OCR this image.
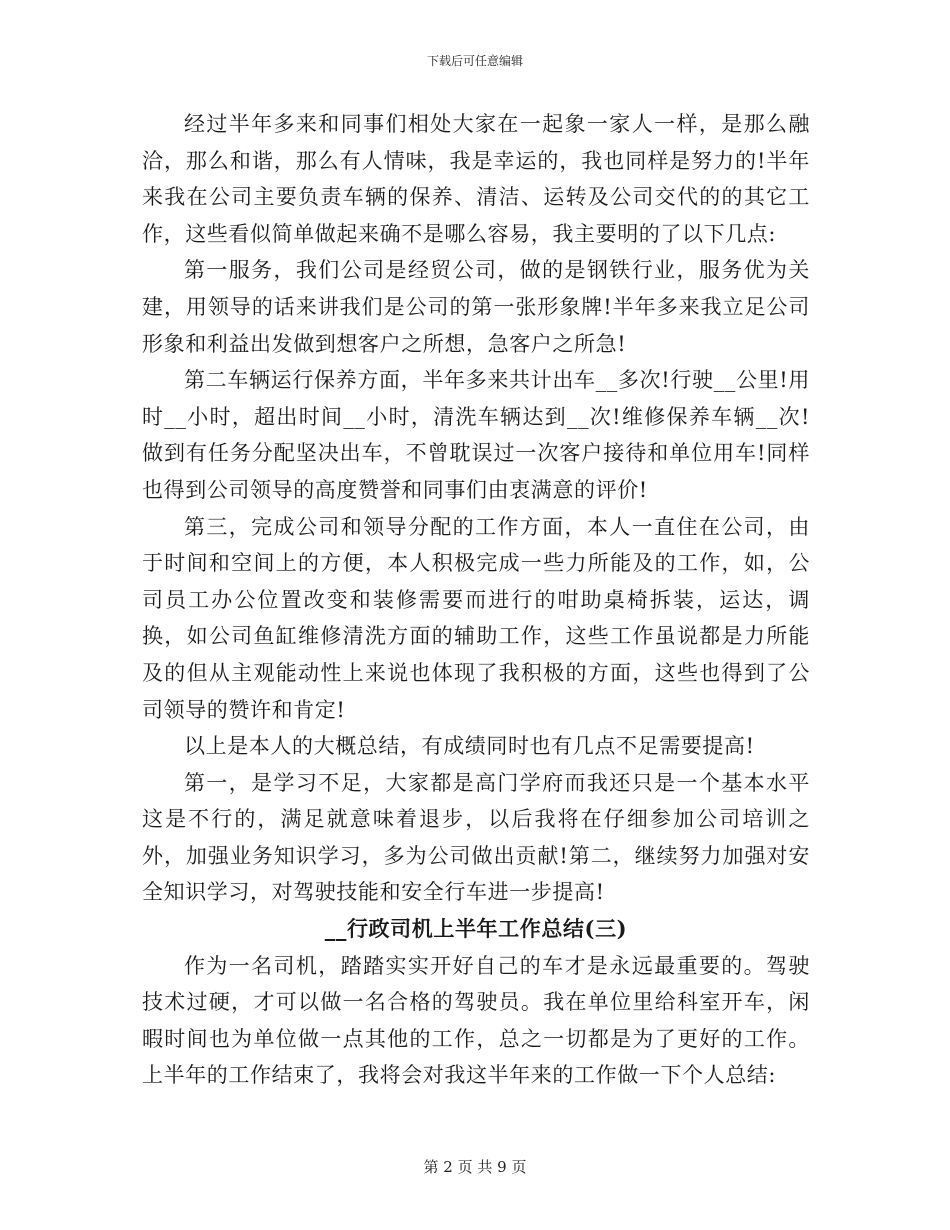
下载后可任意编辑

经过半年多来和同事们相处大家在一起象一家人一样，是那么融洽，那么和谐，那么有人情味，我是幸运的，我也同样是努力的!半年来我在公司主要负责车辆的保养、清洁、运转及公司交代的的其它工作，这些看似简单做起来确不是哪么容易，我主要明的了以下几点:

第一服务，我们公司是经贸公司，做的是钢铁行业，服务优为关建，用领导的话来讲我们是公司的第一张形象牌!半年多来我立足公司形象和利益出发做到想客户之所想，急客户之所急!

第二车辆运行保养方面，半年多来共计出车__多次!行驶__公里!用时__小时，超出时间__小时，清洗车辆达到__次!维修保养车辆__次!做到有任务分配坚决出车，不曾耽误过一次客户接待和单位用车!同样也得到公司领导的高度赞誉和同事们由衷满意的评价!

第三，完成公司和领导分配的工作方面，本人一直住在公司，由于时间和空间上的方便，本人积极完成一些力所能及的工作，如，公司员工办公位置改变和装修需要而进行的咁助桌椅拆装，运达，调换，如公司鱼缸维修清洗方面的辅助工作，这些工作虽说都是力所能及的但从主观能动性上来说也体现了我积极的方面，这些也得到了公司领导的赞许和肯定!

以上是本人的大概总结，有成绩同时也有几点不足需要提高!

第一，是学习不足，大家都是高门学府而我还只是一个基本水平这是不行的，满足就意味着退步，以后我将在仔细参加公司培训之外，加强业务知识学习，多为公司做出贡献!第二，继续努力加强对安全知识学习，对驾驶技能和安全行车进一步提高!

__行政司机上半年工作总结(三)

作为一名司机，踏踏实实开好自己的车才是永远最重要的。驾驶技术过硬，才可以做一名合格的驾驶员。我在单位里给科室开车，闲暇时间也为单位做一点其他的工作，总之一切都是为了更好的工作。上半年的工作结束了，我将会对我这半年来的工作做一下个人总结:

第 2 页 共 9 页
